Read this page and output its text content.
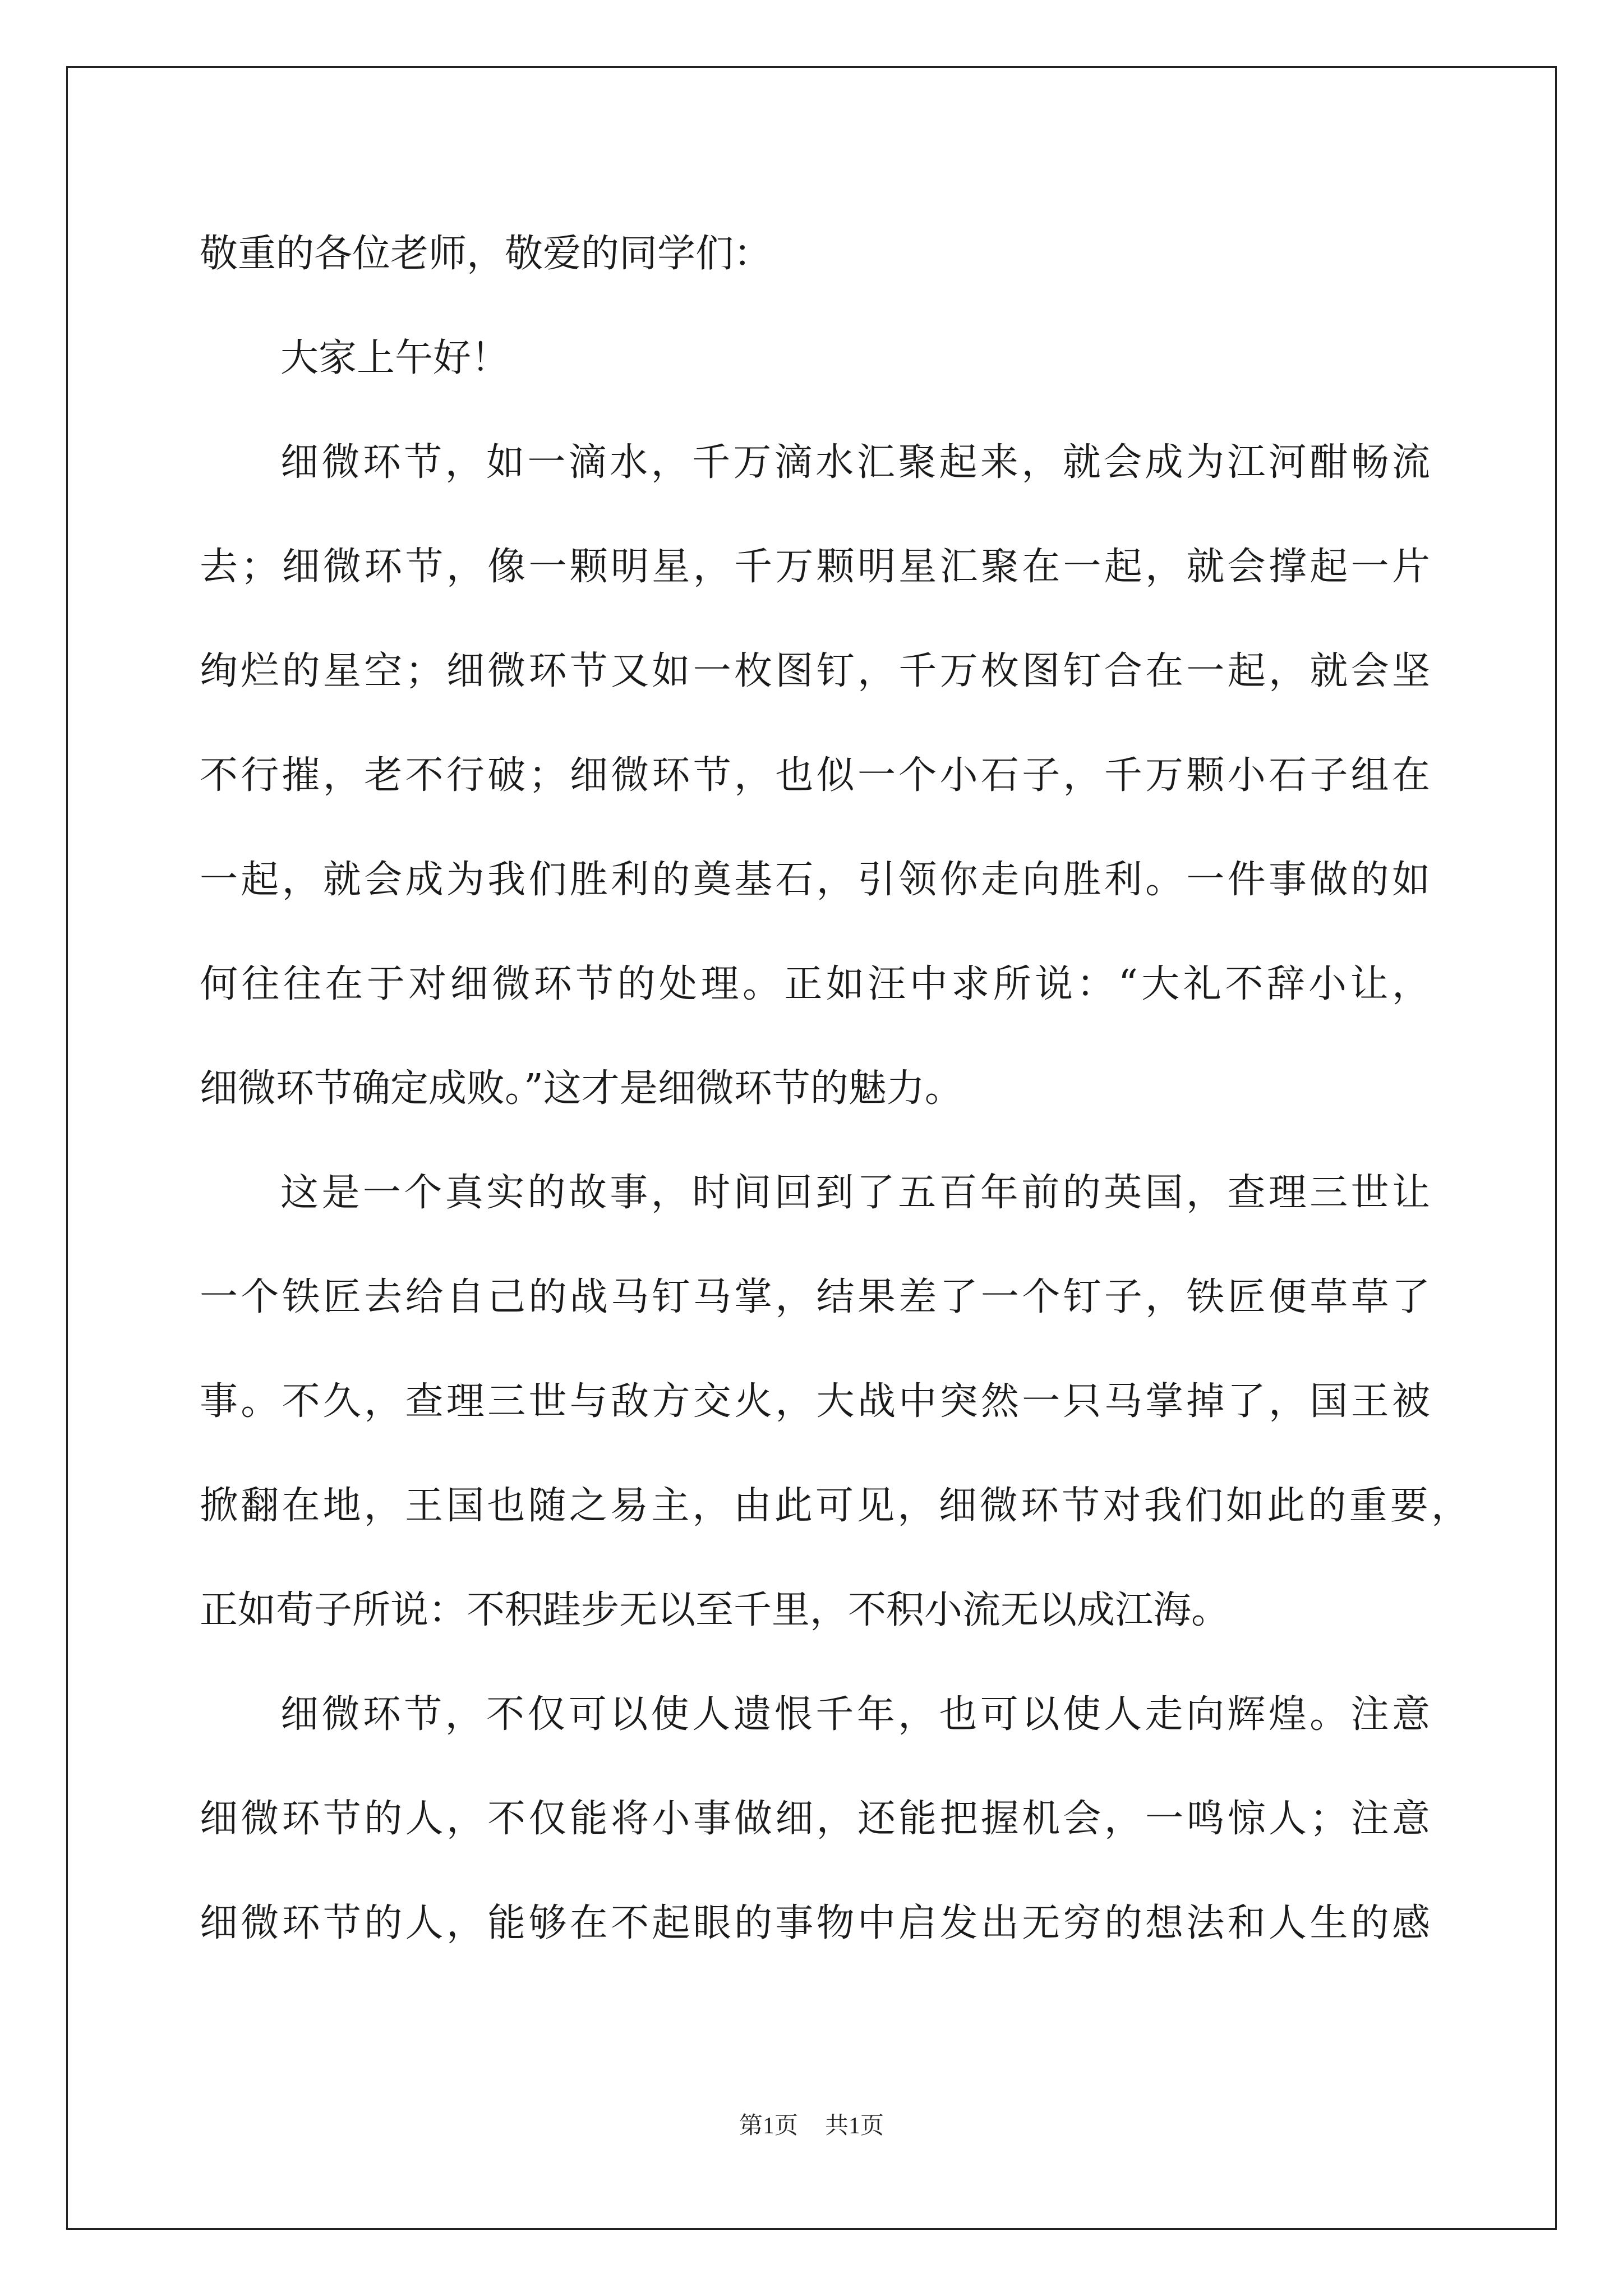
敬重的各位老师，敬爱的同学们：
大家上午好！
细微环节，如一滴水，千万滴水汇聚起来，就会成为江河酣畅流
去；细微环节，像一颗明星，千万颗明星汇聚在一起，就会撑起一片
绚烂的星空；细微环节又如一枚图钉，千万枚图钉合在一起，就会坚
不行摧，老不行破；细微环节，也似一个小石子，千万颗小石子组在
一起，就会成为我们胜利的奠基石，引领你走向胜利。一件事做的如
何往往在于对细微环节的处理。正如汪中求所说：“大礼不辞小让，
细微环节确定成败。”这才是细微环节的魅力。
这是一个真实的故事，时间回到了五百年前的英国，查理三世让
一个铁匠去给自己的战马钉马掌，结果差了一个钉子，铁匠便草草了
事。不久，查理三世与敌方交火，大战中突然一只马掌掉了，国王被
掀翻在地，王国也随之易主，由此可见，细微环节对我们如此的重要，
正如荀子所说：不积跬步无以至千里，不积小流无以成江海。
细微环节，不仅可以使人遗恨千年，也可以使人走向辉煌。注意
细微环节的人，不仅能将小事做细，还能把握机会，一鸣惊人；注意
细微环节的人，能够在不起眼的事物中启发出无穷的想法和人生的感
第1页 共1页
